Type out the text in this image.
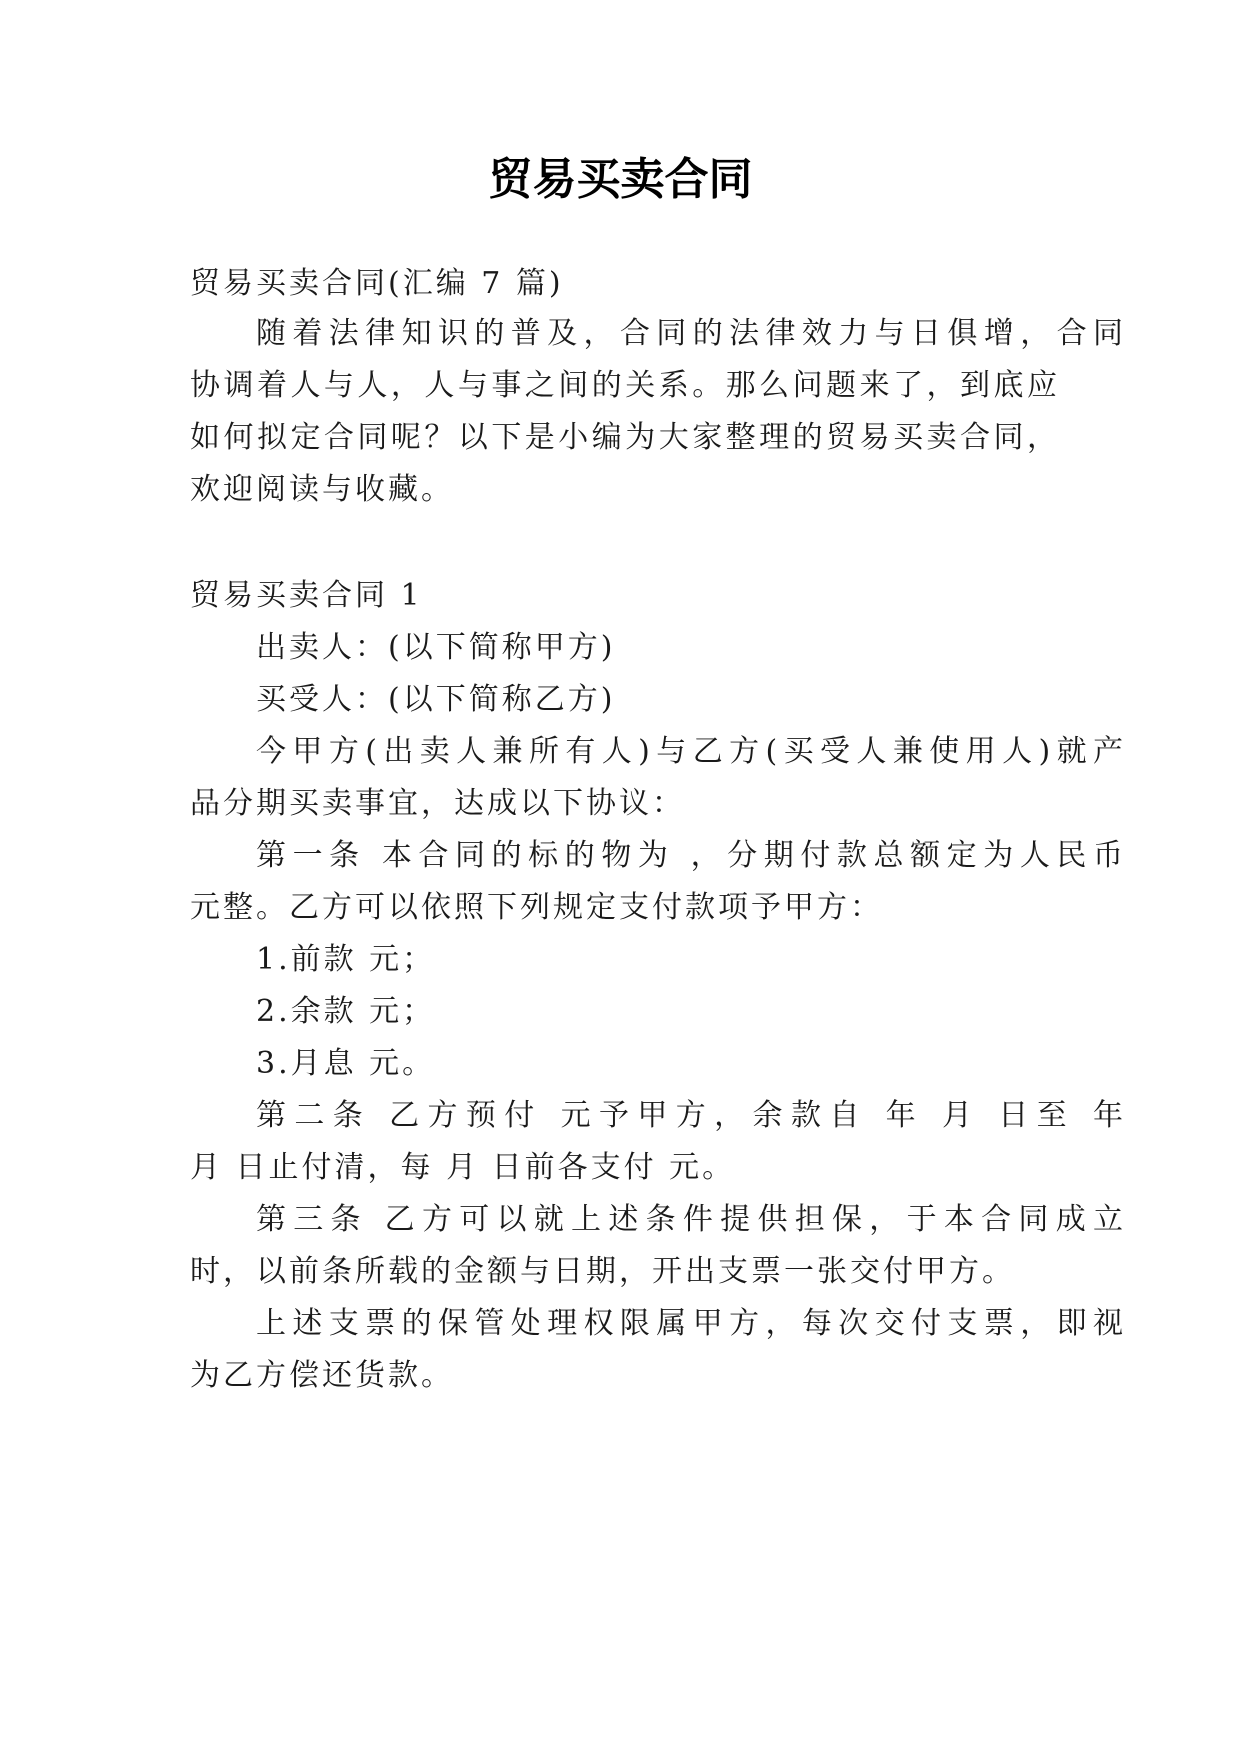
贸易买卖合同
贸易买卖合同(汇编 7 篇)
随着法律知识的普及，合同的法律效力与日俱增，合同
协调着人与人，人与事之间的关系。那么问题来了，到底应
如何拟定合同呢？以下是小编为大家整理的贸易买卖合同，
欢迎阅读与收藏。
贸易买卖合同 1
出卖人：(以下简称甲方)
买受人：(以下简称乙方)
今甲方(出卖人兼所有人)与乙方(买受人兼使用人)就产
品分期买卖事宜，达成以下协议：
第一条 本合同的标的物为 ，分期付款总额定为人民币
元整。乙方可以依照下列规定支付款项予甲方：
1.前款 元；
2.余款 元；
3.月息 元。
第二条 乙方预付 元予甲方，余款自 年 月 日至 年
月 日止付清，每 月 日前各支付 元。
第三条 乙方可以就上述条件提供担保，于本合同成立
时，以前条所载的金额与日期，开出支票一张交付甲方。
上述支票的保管处理权限属甲方，每次交付支票，即视
为乙方偿还货款。
